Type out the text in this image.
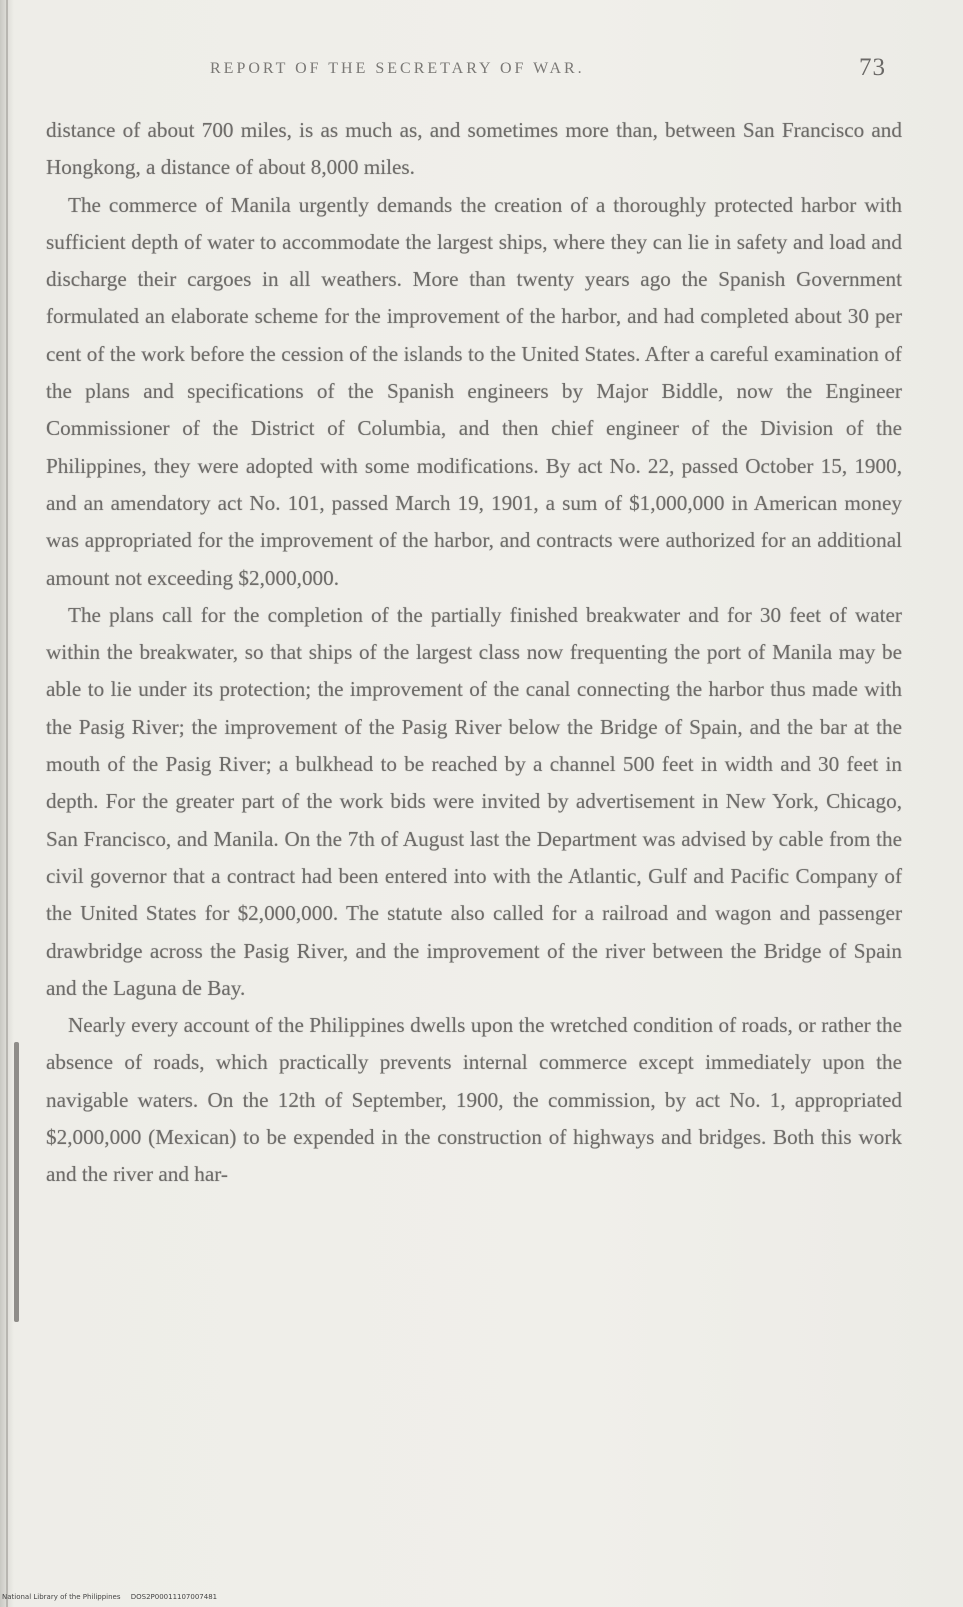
REPORT OF THE SECRETARY OF WAR.	73

distance of about 700 miles, is as much as, and sometimes more than, between San Francisco and Hongkong, a distance of about 8,000 miles.

The commerce of Manila urgently demands the creation of a thoroughly protected harbor with sufficient depth of water to accommodate the largest ships, where they can lie in safety and load and discharge their cargoes in all weathers. More than twenty years ago the Spanish Government formulated an elaborate scheme for the improvement of the harbor, and had completed about 30 per cent of the work before the cession of the islands to the United States. After a careful examination of the plans and specifications of the Spanish engineers by Major Biddle, now the Engineer Commissioner of the District of Columbia, and then chief engineer of the Division of the Philippines, they were adopted with some modifications. By act No. 22, passed October 15, 1900, and an amendatory act No. 101, passed March 19, 1901, a sum of $1,000,000 in American money was appropriated for the improvement of the harbor, and contracts were authorized for an additional amount not exceeding $2,000,000.

The plans call for the completion of the partially finished breakwater and for 30 feet of water within the breakwater, so that ships of the largest class now frequenting the port of Manila may be able to lie under its protection; the improvement of the canal connecting the harbor thus made with the Pasig River; the improvement of the Pasig River below the Bridge of Spain, and the bar at the mouth of the Pasig River; a bulkhead to be reached by a channel 500 feet in width and 30 feet in depth. For the greater part of the work bids were invited by advertisement in New York, Chicago, San Francisco, and Manila. On the 7th of August last the Department was advised by cable from the civil governor that a contract had been entered into with the Atlantic, Gulf and Pacific Company of the United States for $2,000,000. The statute also called for a railroad and wagon and passenger drawbridge across the Pasig River, and the improvement of the river between the Bridge of Spain and the Laguna de Bay.

Nearly every account of the Philippines dwells upon the wretched condition of roads, or rather the absence of roads, which practically prevents internal commerce except immediately upon the navigable waters. On the 12th of September, 1900, the commission, by act No. 1, appropriated $2,000,000 (Mexican) to be expended in the construction of highways and bridges. Both this work and the river and har-

National Library of the Philippines DOS2P00011107007481
